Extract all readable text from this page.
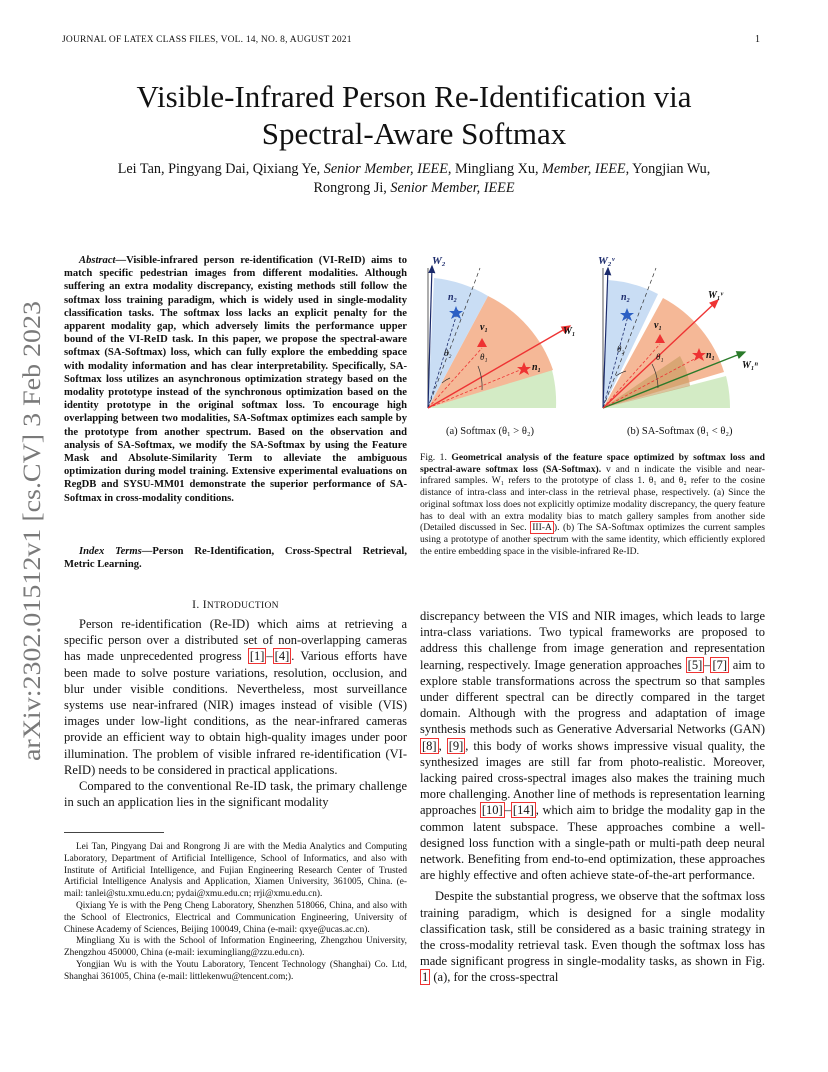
JOURNAL OF LATEX CLASS FILES, VOL. 14, NO. 8, AUGUST 2021	1
arXiv:2302.01512v1 [cs.CV] 3 Feb 2023
Visible-Infrared Person Re-Identification via
Spectral-Aware Softmax
Lei Tan, Pingyang Dai, Qixiang Ye, Senior Member, IEEE, Mingliang Xu, Member, IEEE, Yongjian Wu,
Rongrong Ji, Senior Member, IEEE
Abstract—Visible-infrared person re-identification (VI-ReID) aims to match specific pedestrian images from different modalities. Although suffering an extra modality discrepancy, existing methods still follow the softmax loss training paradigm, which is widely used in single-modality classification tasks. The softmax loss lacks an explicit penalty for the apparent modality gap, which adversely limits the performance upper bound of the VI-ReID task. In this paper, we propose the spectral-aware softmax (SA-Softmax) loss, which can fully explore the embedding space with modality information and has clear interpretability. Specifically, SA-Softmax loss utilizes an asynchronous optimization strategy based on the modality prototype instead of the synchronous optimization based on the identity prototype in the original softmax loss. To encourage high overlapping between two modalities, SA-Softmax optimizes each sample by the prototype from another spectrum. Based on the observation and analysis of SA-Softmax, we modify the SA-Softmax by using the Feature Mask and Absolute-Similarity Term to alleviate the ambiguous optimization during model training. Extensive experimental evaluations on RegDB and SYSU-MM01 demonstrate the superior performance of SA-Softmax in cross-modality conditions.
Index Terms—Person Re-Identification, Cross-Spectral Retrieval, Metric Learning.
I. INTRODUCTION

Person re-identification (Re-ID) which aims at retrieving a specific person over a distributed set of non-overlapping cameras has made unprecedented progress [1] – [4] . Various efforts have been made to solve posture variations, resolution, occlusion, and blur under visible conditions. Nevertheless, most surveillance systems use near-infrared (NIR) images instead of visible (VIS) images under low-light conditions, as the near-infrared cameras provide an efficient way to obtain high-quality images under poor illumination. The problem of visible infrared re-identification (VI-ReID) needs to be considered in practical applications.

Compared to the conventional Re-ID task, the primary challenge in such an application lies in the significant modality

Lei Tan, Pingyang Dai and Rongrong Ji are with the Media Analytics and Computing Laboratory, Department of Artificial Intelligence, School of Informatics, and also with Institute of Artificial Intelligence, and Fujian Engineering Research Center of Trusted Artificial Intelligence Analysis and Application, Xiamen University, 361005, China. (e-mail: tanlei@stu.xmu.edu.cn; pydai@xmu.edu.cn; rrji@xmu.edu.cn).

Qixiang Ye is with the Peng Cheng Laboratory, Shenzhen 518066, China, and also with the School of Electronics, Electrical and Communication Engineering, University of Chinese Academy of Sciences, Beijing 100049, China (e-mail: qxye@ucas.ac.cn).

Mingliang Xu is with the School of Information Engineering, Zhengzhou University, Zhengzhou 450000, China (e-mail: iexumingliang@zzu.edu.cn).

Yongjian Wu is with the Youtu Laboratory, Tencent Technology (Shanghai) Co. Ltd, Shanghai 361005, China (e-mail: littlekenwu@tencent.com;).

W₂
n₂
v₁	W₁
θ₂	θ₁
n₁
W₂ᵛ
W₁ᵛ
n₂
v₁
θ₂
θ₁	n₁
W₁ⁿ
(a) Softmax (θ₁ > θ₂)	(b) SA-Softmax (θ₁ < θ₂)
Fig. 1. Geometrical analysis of the feature space optimized by softmax loss and spectral-aware softmax loss (SA-Softmax). v and n indicate the visible and near-infrared samples. W₁ refers to the prototype of class 1. θ₁ and θ₂ refer to the cosine distance of intra-class and inter-class in the retrieval phase, respectively. (a) Since the original softmax loss does not explicitly optimize modality discrepancy, the query feature has to deal with an extra modality bias to match gallery samples from another side (Detailed discussed in Sec. III-A ). (b) The SA-Softmax optimizes the current samples using a prototype of another spectrum with the same identity, which efficiently explored the entire embedding space in the visible-infrared Re-ID.

discrepancy between the VIS and NIR images, which leads to large intra-class variations. Two typical frameworks are proposed to address this challenge from image generation and representation learning, respectively. Image generation approaches [5] – [7] aim to explore stable transformations across the spectrum so that samples under different spectral can be directly compared in the target domain. Although with the progress and adaptation of image synthesis methods such as Generative Adversarial Networks (GAN) [8] , [9] , this body of works shows impressive visual quality, the synthesized images are still far from photo-realistic. Moreover, lacking paired cross-spectral images also makes the training much more challenging. Another line of methods is representation learning approaches [10] – [14] , which aim to bridge the modality gap in the common latent subspace. These approaches combine a well-designed loss function with a single-path or multi-path deep neural network. Benefiting from end-to-end optimization, these approaches are highly effective and often achieve state-of-the-art performance.

Despite the substantial progress, we observe that the softmax loss training paradigm, which is designed for a single modality classification task, still be considered as a basic training strategy in the cross-modality retrieval task. Even though the softmax loss has made significant progress in single-modality tasks, as shown in Fig. 1 (a), for the cross-spectral
